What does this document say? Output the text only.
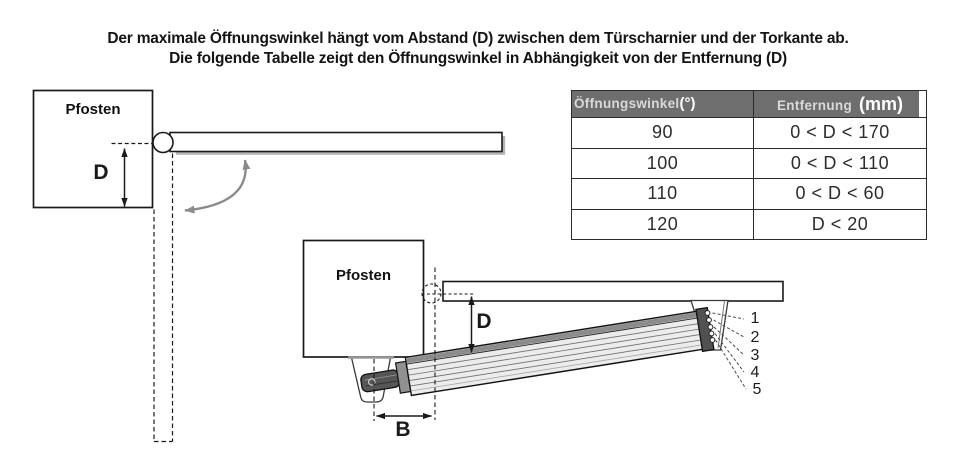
Der maximale Öffnungswinkel hängt vom Abstand (D) zwischen dem Türscharnier und der Torkante ab.
Die folgende Tabelle zeigt den Öffnungswinkel in Abhängigkeit von der Entfernung (D)
Pfosten
Pfosten
D
D
B
1
2
3
4
5
Öffnungswinkel(°)	Entfernung (mm)
90	0 < D < 170
100	0 < D < 110
110	0 < D < 60
120	D < 20
